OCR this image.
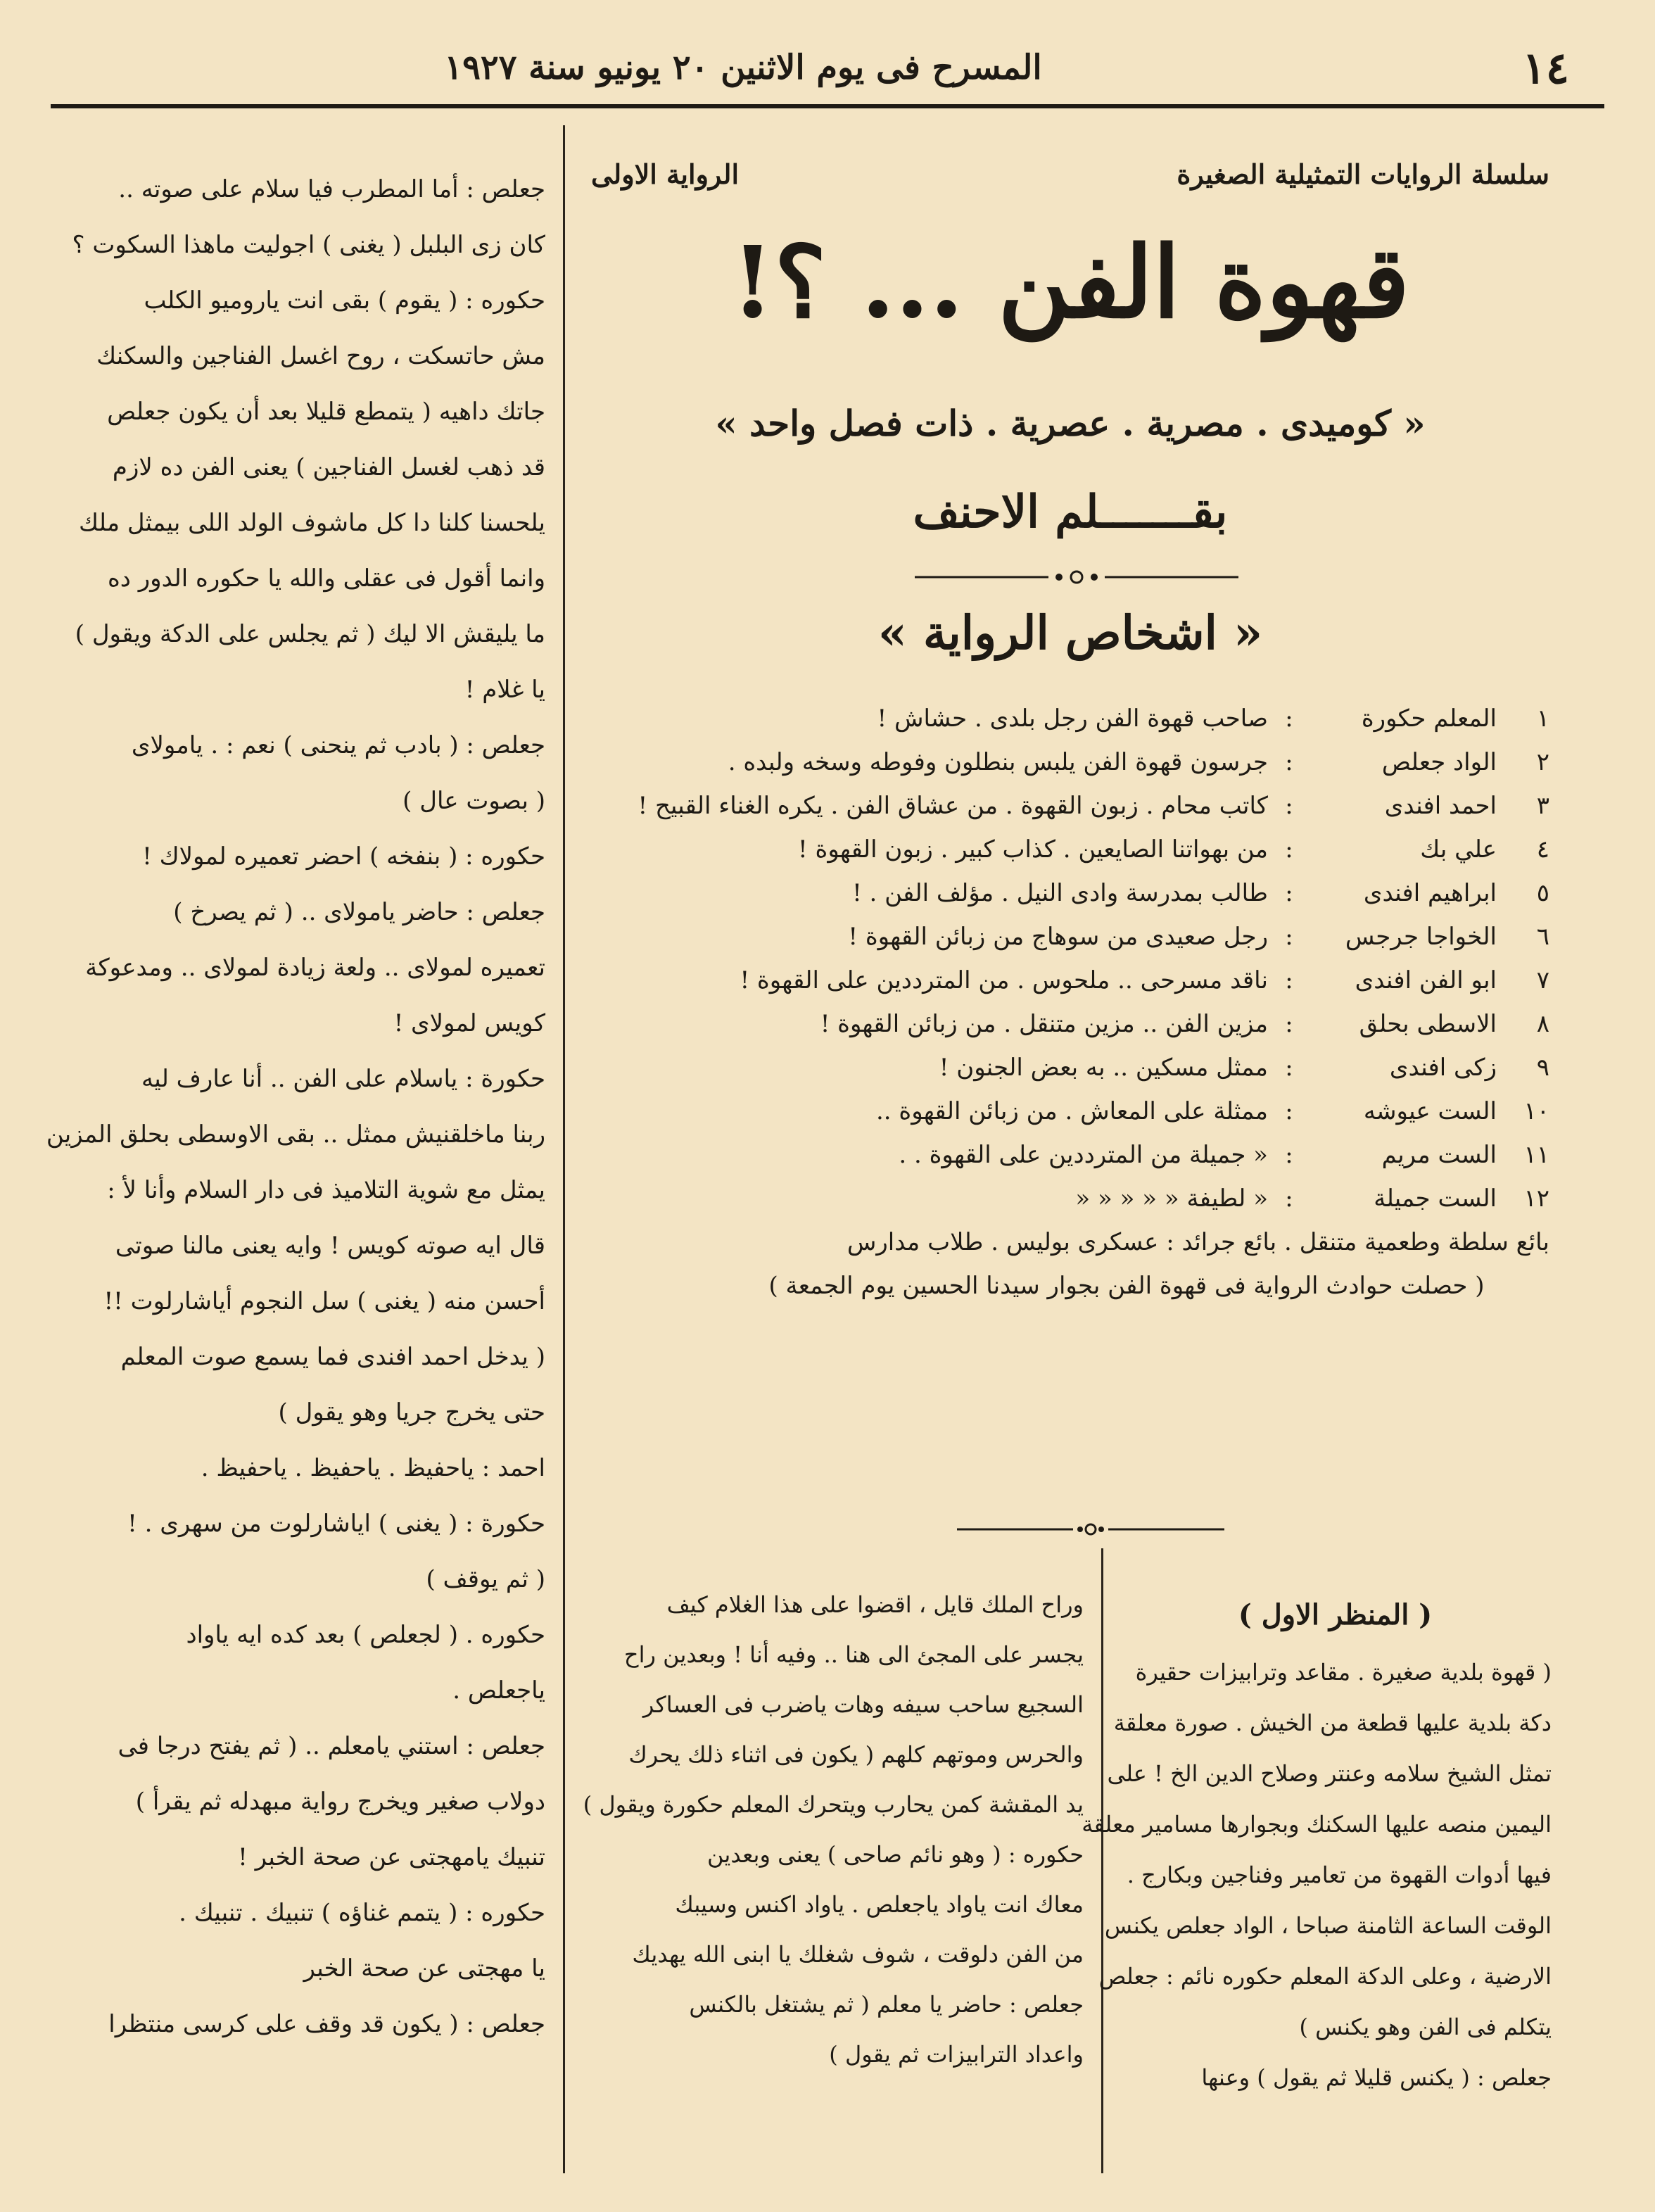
١٤
المسرح فى يوم الاثنين ٢٠ يونيو سنة ١٩٢٧
سلسلة الروايات التمثيلية الصغيرة
الرواية الاولى
قهوة الفن ... ؟!
« كوميدى . مصرية . عصرية . ذات فصل واحد »
بقـــــــلم الاحنف
« اشخاص الرواية »
١
المعلم حكورة
:
صاحب قهوة الفن رجل بلدى . حشاش !
٢
الواد جعلص
:
جرسون قهوة الفن يلبس بنطلون وفوطه وسخه ولبده .
٣
احمد افندى
:
كاتب محام . زبون القهوة . من عشاق الفن . يكره الغناء القبيح !
٤
علي بك
:
من بهواتنا الصايعين . كذاب كبير . زبون القهوة !
٥
ابراهيم افندى
:
طالب بمدرسة وادى النيل . مؤلف الفن . !
٦
الخواجا جرجس
:
رجل صعيدى من سوهاج من زبائن القهوة !
٧
ابو الفن افندى
:
ناقد مسرحى .. ملحوس . من المترددين على القهوة !
٨
الاسطى بحلق
:
مزين الفن .. مزين متنقل . من زبائن القهوة !
٩
زكى افندى
:
ممثل مسكين .. به بعض الجنون !
١٠
الست عيوشه
:
ممثلة على المعاش . من زبائن القهوة ..
١١
الست مريم
:
« جميلة من المترددين على القهوة . .
١٢
الست جميلة
:
« لطيفة « « « « «
بائع سلطة وطعمية متنقل . بائع جرائد : عسكرى بوليس . طلاب مدارس
( حصلت حوادث الرواية فى قهوة الفن بجوار سيدنا الحسين يوم الجمعة )

( المنظر الاول )

( قهوة بلدية صغيرة . مقاعد وترابيزات حقيرة

دكة بلدية عليها قطعة من الخيش . صورة معلقة

تمثل الشيخ سلامه وعنتر وصلاح الدين الخ ! على

اليمين منصه عليها السكنك وبجوارها مسامير معلقة

فيها أدوات القهوة من تعامير وفناجين وبكارج .

الوقت الساعة الثامنة صباحا ، الواد جعلص يكنس

الارضية ، وعلى الدكة المعلم حكوره نائم : جعلص

يتكلم فى الفن وهو يكنس )

جعلص : ( يكنس قليلا ثم يقول ) وعنها

وراح الملك قايل ، اقضوا على هذا الغلام كيف

يجسر على المجئ الى هنا .. وفيه أنا ! وبعدين راح

السجيع ساحب سيفه وهات ياضرب فى العساكر

والحرس وموتهم كلهم ( يكون فى اثناء ذلك يحرك

يد المقشة كمن يحارب ويتحرك المعلم حكورة ويقول )

حكوره : ( وهو نائم صاحى ) يعنى وبعدين

معاك انت ياواد ياجعلص . ياواد اكنس وسيبك

من الفن دلوقت ، شوف شغلك يا ابنى الله يهديك

جعلص : حاضر يا معلم ( ثم يشتغل بالكنس

واعداد الترابيزات ثم يقول )

جعلص : أما المطرب فيا سلام على صوته ..

كان زى البلبل ( يغنى ) اجوليت ماهذا السكوت ؟

حكوره : ( يقوم ) بقى انت ياروميو الكلب

مش حاتسكت ، روح اغسل الفناجين والسكنك

جاتك داهيه ( يتمطع قليلا بعد أن يكون جعلص

قد ذهب لغسل الفناجين ) يعنى الفن ده لازم

يلحسنا كلنا دا كل ماشوف الولد اللى بيمثل ملك

وانما أقول فى عقلى والله يا حكوره الدور ده

ما يليقش الا ليك ( ثم يجلس على الدكة ويقول )

يا غلام !

جعلص : ( بادب ثم ينحنى ) نعم : . يامولاى

( بصوت عال )

حكوره : ( بنفخه ) احضر تعميره لمولاك !

جعلص : حاضر يامولاى .. ( ثم يصرخ )

تعميره لمولاى .. ولعة زيادة لمولاى .. ومدعوكة

كويس لمولاى !

حكورة : ياسلام على الفن .. أنا عارف ليه

ربنا ماخلقنيش ممثل .. بقى الاوسطى بحلق المزين

يمثل مع شوية التلاميذ فى دار السلام وأنا لأ :

قال ايه صوته كويس ! وايه يعنى مالنا صوتى

أحسن منه ( يغنى ) سل النجوم أياشارلوت !!

( يدخل احمد افندى فما يسمع صوت المعلم

حتى يخرج جريا وهو يقول )

احمد : ياحفيظ . ياحفيظ . ياحفيظ .

حكورة : ( يغنى ) اياشارلوت من سهرى . !

( ثم يوقف )

حكوره . ( لجعلص ) بعد كده ايه ياواد

ياجعلص .

جعلص : استني يامعلم .. ( ثم يفتح درجا فى

دولاب صغير ويخرج رواية مبهدله ثم يقرأ )

تنبيك يامهجتى عن صحة الخبر !

حكوره : ( يتمم غناؤه ) تنبيك . تنبيك .

يا مهجتى عن صحة الخبر

جعلص : ( يكون قد وقف على كرسى منتظرا
